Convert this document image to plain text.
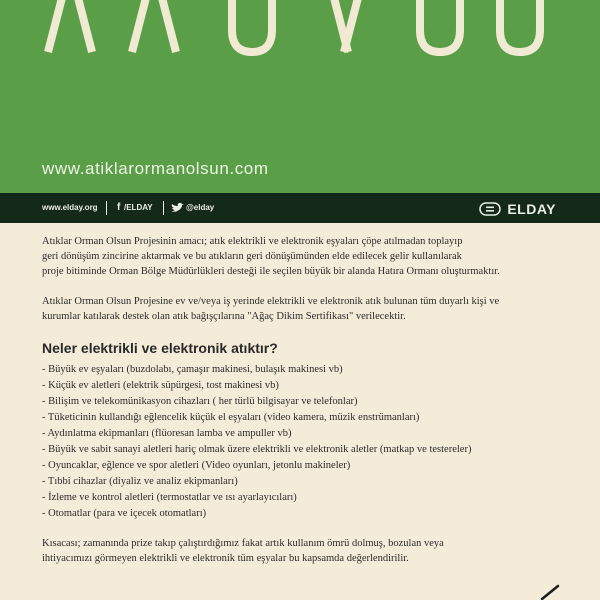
www.atiklarormanolsun.com
www.elday.org f /ELDAY	@elday	ELDAY

Atıklar Orman Olsun Projesinin amacı; atık elektrikli ve elektronik eşyaları çöpe atılmadan toplayıp
geri dönüşüm zincirine aktarmak ve bu atıkların geri dönüşümünden elde edilecek gelir kullanılarak
proje bitiminde Orman Bölge Müdürlükleri desteği ile seçilen büyük bir alanda Hatıra Ormanı oluşturmaktır.

Atıklar Orman Olsun Projesine ev ve/veya iş yerinde elektrikli ve elektronik atık bulunan tüm duyarlı kişi ve
kurumlar katılarak destek olan atık bağışçılarına "Ağaç Dikim Sertifikası" verilecektir.

Neler elektrikli ve elektronik atıktır?
- Büyük ev eşyaları (buzdolabı, çamaşır makinesi, bulaşık makinesi vb)
- Küçük ev aletleri (elektrik süpürgesi, tost makinesi vb)
- Bilişim ve telekomünikasyon cihazları ( her türlü bilgisayar ve telefonlar)
- Tüketicinin kullandığı eğlencelik küçük el eşyaları (video kamera, müzik enstrümanları)
- Aydınlatma ekipmanları (flüoresan lamba ve ampuller vb)
- Büyük ve sabit sanayi aletleri hariç olmak üzere elektrikli ve elektronik aletler (matkap ve testereler)
- Oyuncaklar, eğlence ve spor aletleri (Video oyunları, jetonlu makineler)
- Tıbbi cihazlar (diyaliz ve analiz ekipmanları)
- İzleme ve kontrol aletleri (termostatlar ve ısı ayarlayıcıları)
- Otomatlar (para ve içecek otomatları)

Kısacası; zamanında prize takıp çalıştırdığımız fakat artık kullanım ömrü dolmuş, bozulan veya
ihtiyacımızı görmeyen elektrikli ve elektronik tüm eşyalar bu kapsamda değerlendirilir.
